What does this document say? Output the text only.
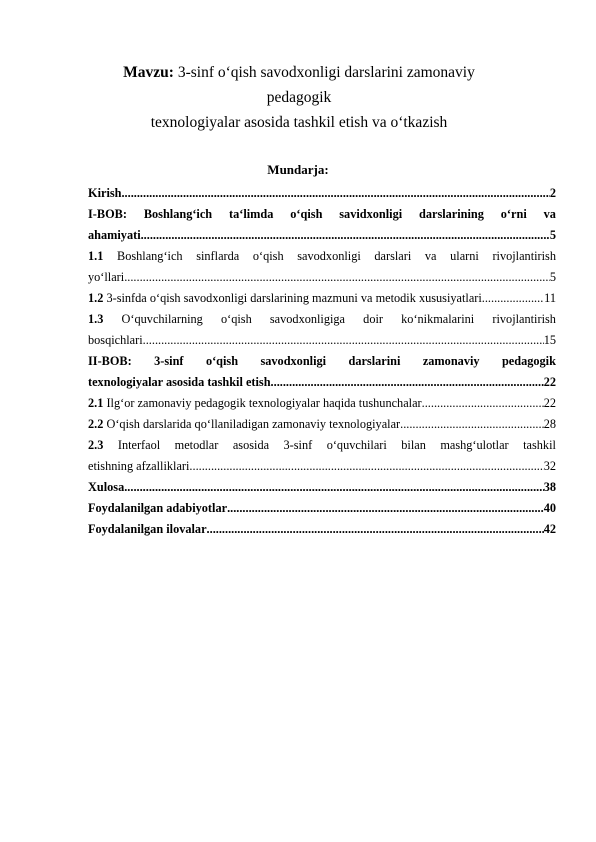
Mavzu: 3-sinf o‘qish savodxonligi darslarini zamonaviy pedagogik
texnologiyalar asosida tashkil etish va o‘tkazish
Mundarja:
Kirish .....	2
I-BOB: Boshlang‘ich ta‘limda o‘qish savidxonligi darslarining o‘rni va
ahamiyati .....	5
1.1 Boshlang‘ich sinflarda o‘qish savodxonligi darslari va ularni rivojlantirish
yo‘llari .....	5
1.2 3-sinfda o‘qish savodxonligi darslarining mazmuni va metodik xususiyatlari. .....	11
1.3 O‘quvchilarning o‘qish savodxonligiga doir ko‘nikmalarini rivojlantirish
bosqichlari .....	15
II-BOB: 3-sinf o‘qish savodxonligi darslarini zamonaviy pedagogik
texnologiyalar asosida tashkil etish .....	22
2.1 Ilg‘or zamonaviy pedagogik texnologiyalar haqida tushunchalar .....	22
2.2 O‘qish darslarida qo‘llaniladigan zamonaviy texnologiyalar .....	28
2.3 Interfaol metodlar asosida 3-sinf o‘quvchilari bilan mashg‘ulotlar tashkil
etishning afzalliklari .....	32
Xulosa .....	38
Foydalanilgan adabiyotlar .....	40
Foydalanilgan ilovalar .....	42
